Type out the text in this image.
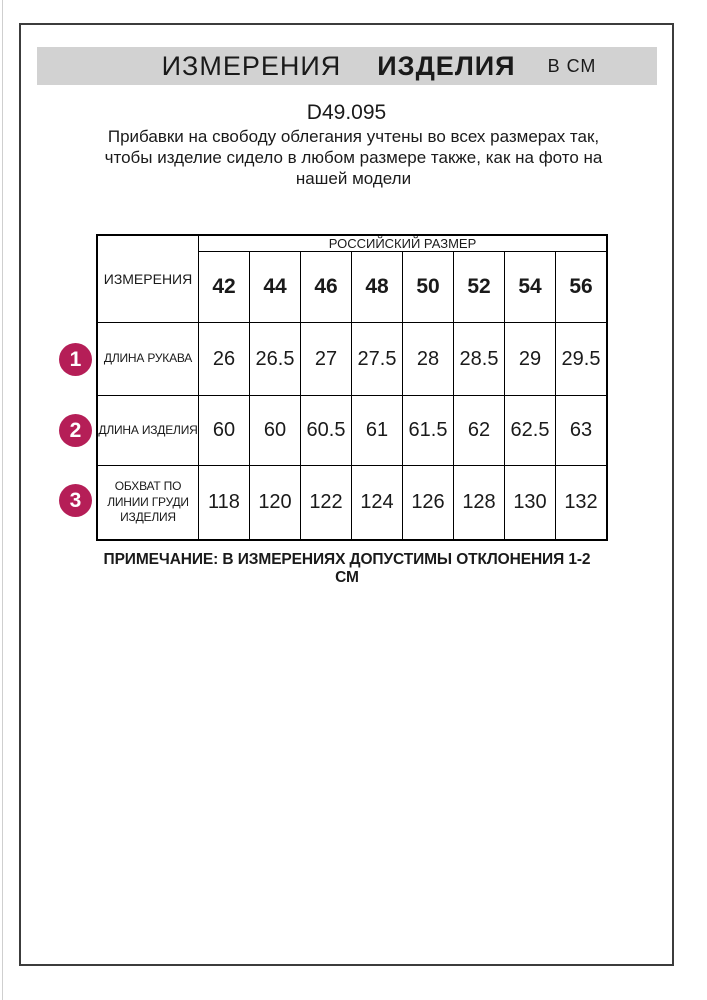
ИЗМЕРЕНИЯ ИЗДЕЛИЯ В СМ
D49.095
Прибавки на свободу облегания учтены во всех размерах так, чтобы изделие сидело в любом размере также, как на фото на нашей модели
ИЗМЕРЕНИЯ	РОССИЙСКИЙ РАЗМЕР							
	42	44	46	48	50	52	54	56
ДЛИНА РУКАВА	26	26.5	27	27.5	28	28.5	29	29.5
ДЛИНА ИЗДЕЛИЯ	60	60	60.5	61	61.5	62	62.5	63
ОБХВАТ ПО ЛИНИИ ГРУДИ ИЗДЕЛИЯ	118	120	122	124	126	128	130	132
1
2
3
ПРИМЕЧАНИЕ: В ИЗМЕРЕНИЯХ ДОПУСТИМЫ ОТКЛОНЕНИЯ 1-2 СМ
